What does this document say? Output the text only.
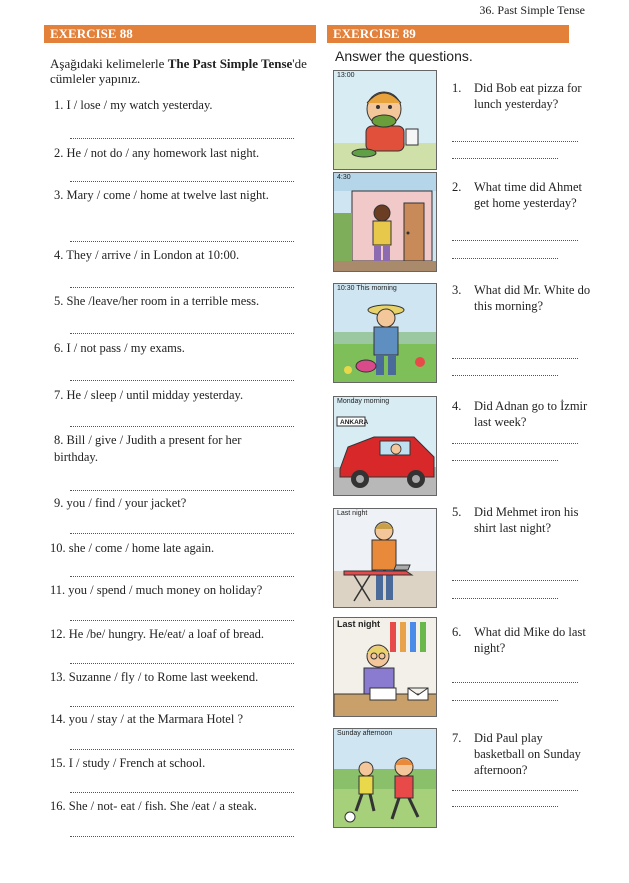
36. Past Simple Tense
EXERCISE 88
Aşağıdaki kelimelerle The Past Simple Tense'de cümleler yapınız.
1. I / lose / my watch yesterday.
2. He / not do / any homework last night.
3. Mary / come / home at twelve last night.
4. They / arrive / in London at 10:00.
5. She /leave/her room in a terrible mess.
6. I / not pass / my exams.
7. He / sleep / until midday yesterday.
8. Bill / give / Judith a present for her birthday.
9. you / find / your jacket?
10. she / come / home late again.
11. you / spend / much money on holiday?
12. He /be/ hungry. He/eat/ a loaf of bread.
13. Suzanne / fly / to Rome last weekend.
14. you / stay / at the Marmara Hotel ?
15. I / study / French at school.
16. She / not- eat / fish. She /eat / a steak.
EXERCISE 89
Answer the questions.
13:00
1.	Did Bob eat pizza for lunch yesterday?
4:30
2.	What time did Ahmet get home yesterday?
10:30 This morning	3.	What did Mr. White do this morning?
Monday morning
ANKARA
4.	Did Adnan go to İzmir last week?
Last night	5.	Did Mehmet iron his shirt last night?
Last night
6.	What did Mike do last night?
Sunday afternoon	7.	Did Paul play basketball on Sunday afternoon?
